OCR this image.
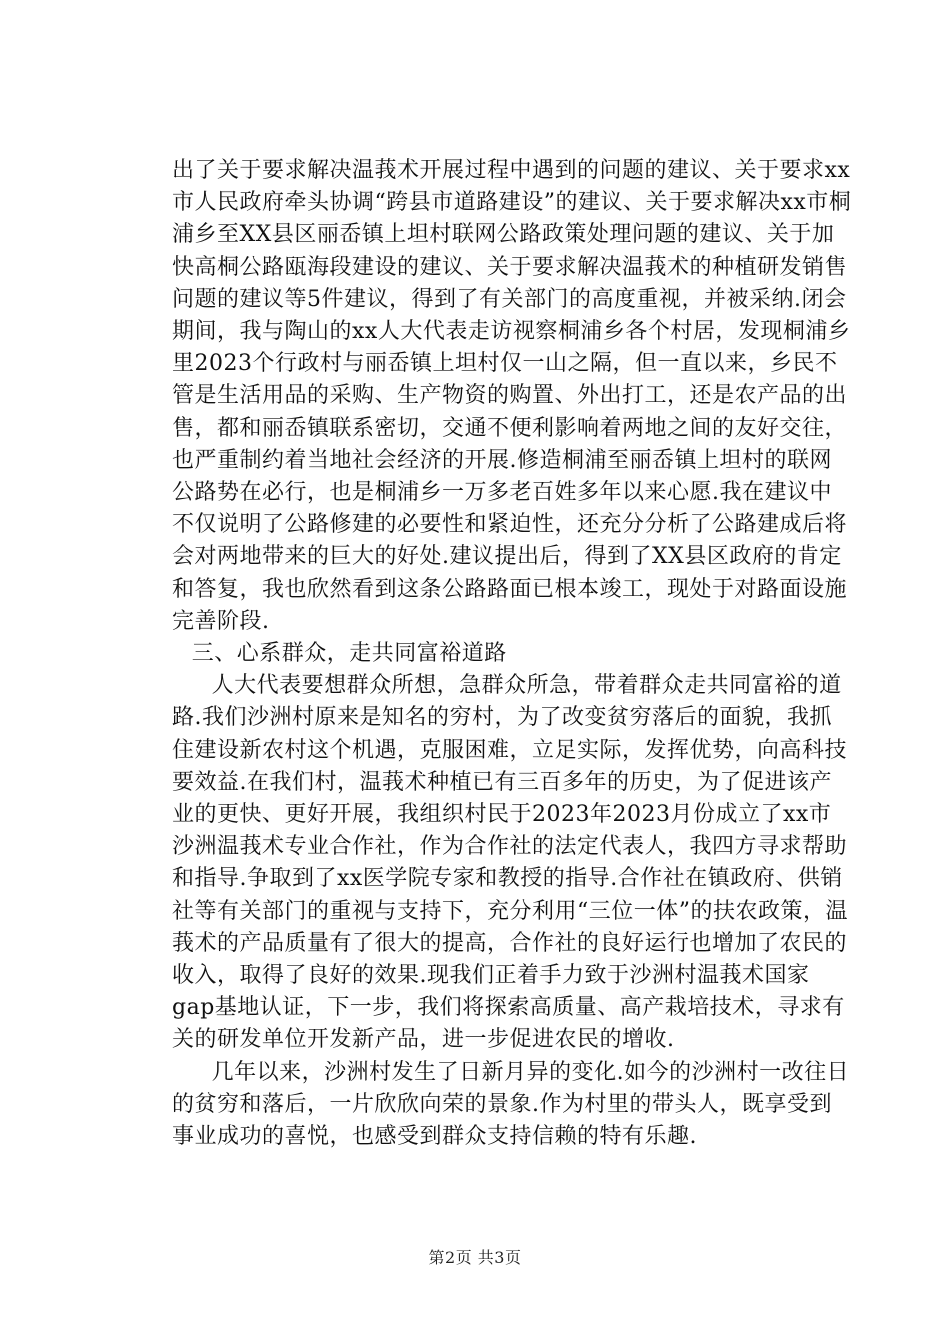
出了关于要求解决温莪术开展过程中遇到的问题的建议、关于要求xx市人民政府牵头协调“跨县市道路建设”的建议、关于要求解决xx市桐浦乡至XX县区丽岙镇上坦村联网公路政策处理问题的建议、关于加快高桐公路瓯海段建设的建议、关于要求解决温莪术的种植研发销售问题的建议等5件建议，得到了有关部门的高度重视，并被采纳.闭会期间，我与陶山的xx人大代表走访视察桐浦乡各个村居，发现桐浦乡里2023个行政村与丽岙镇上坦村仅一山之隔，但一直以来，乡民不管是生活用品的采购、生产物资的购置、外出打工，还是农产品的出售，都和丽岙镇联系密切，交通不便利影响着两地之间的友好交往，也严重制约着当地社会经济的开展.修造桐浦至丽岙镇上坦村的联网公路势在必行，也是桐浦乡一万多老百姓多年以来心愿.我在建议中不仅说明了公路修建的必要性和紧迫性，还充分分析了公路建成后将会对两地带来的巨大的好处.建议提出后，得到了XX县区政府的肯定和答复，我也欣然看到这条公路路面已根本竣工，现处于对路面设施完善阶段.

三、心系群众，走共同富裕道路

人大代表要想群众所想，急群众所急，带着群众走共同富裕的道路.我们沙洲村原来是知名的穷村，为了改变贫穷落后的面貌，我抓住建设新农村这个机遇，克服困难，立足实际，发挥优势，向高科技要效益.在我们村，温莪术种植已有三百多年的历史，为了促进该产业的更快、更好开展，我组织村民于2023年2023月份成立了xx市沙洲温莪术专业合作社，作为合作社的法定代表人，我四方寻求帮助和指导.争取到了xx医学院专家和教授的指导.合作社在镇政府、供销社等有关部门的重视与支持下，充分利用“三位一体”的扶农政策，温莪术的产品质量有了很大的提高，合作社的良好运行也增加了农民的收入，取得了良好的效果.现我们正着手力致于沙洲村温莪术国家gap基地认证，下一步，我们将探索高质量、高产栽培技术，寻求有关的研发单位开发新产品，进一步促进农民的增收.

几年以来，沙洲村发生了日新月异的变化.如今的沙洲村一改往日的贫穷和落后，一片欣欣向荣的景象.作为村里的带头人，既享受到事业成功的喜悦，也感受到群众支持信赖的特有乐趣.

第2页 共3页
